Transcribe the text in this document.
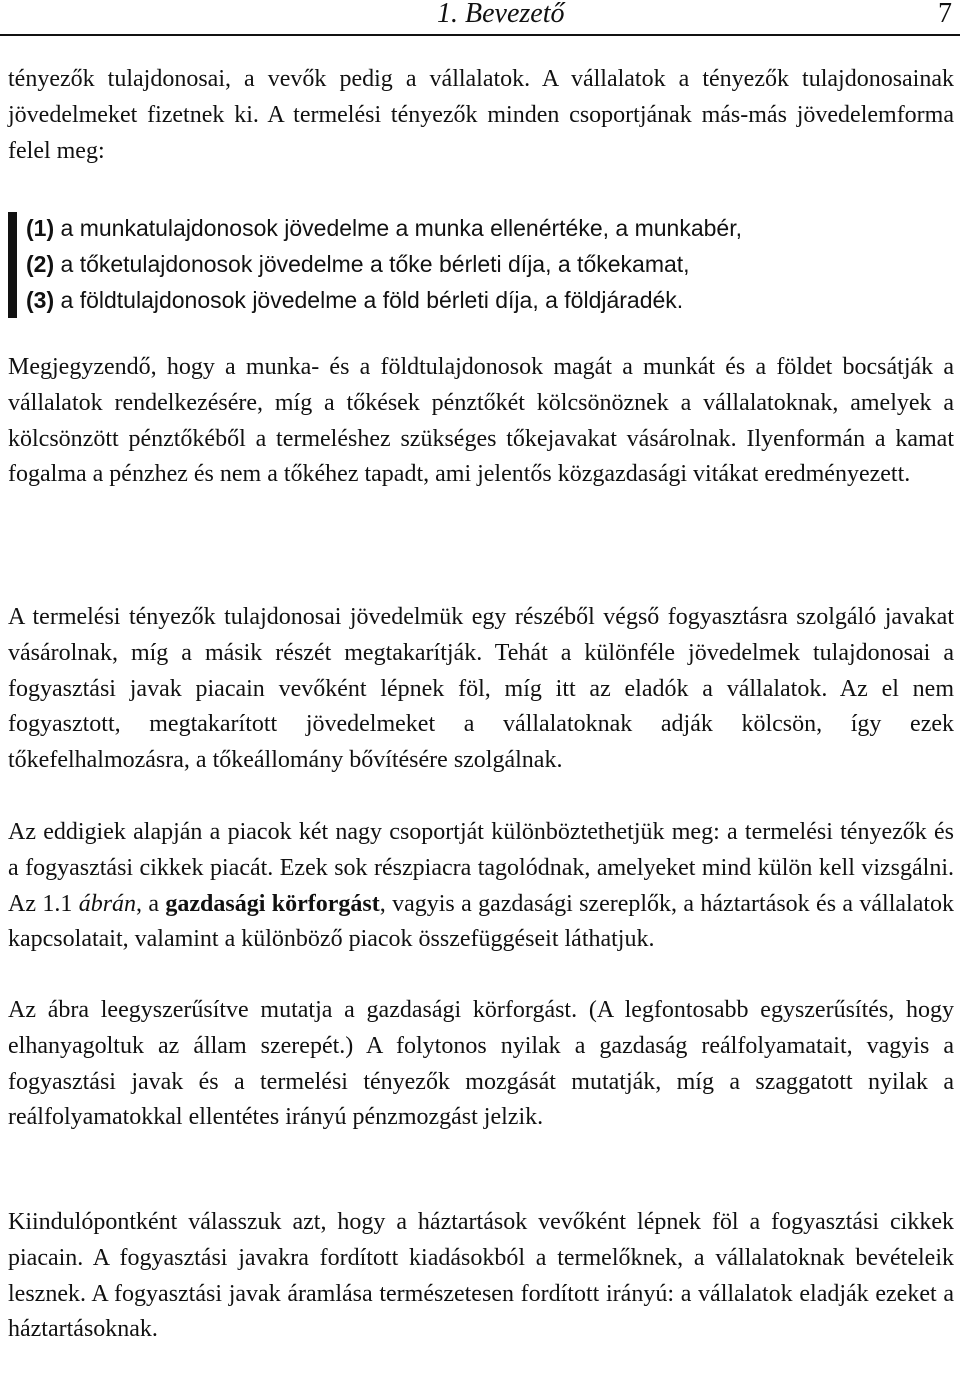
1. Bevezető	7

tényezők tulajdonosai, a vevők pedig a vállalatok. A vállalatok a tényezők tulajdonosainak jövedelmeket fizetnek ki. A termelési tényezők minden csoportjának más-más jövedelemforma felel meg:

(1) a munkatulajdonosok jövedelme a munka ellenértéke, a munkabér,
(2) a tőketulajdonosok jövedelme a tőke bérleti díja, a tőkekamat,
(3) a földtulajdonosok jövedelme a föld bérleti díja, a földjáradék.

Megjegyzendő, hogy a munka- és a földtulajdonosok magát a munkát és a földet bocsátják a vállalatok rendelkezésére, míg a tőkések pénztőkét kölcsönöznek a vállalatoknak, amelyek a kölcsönzött pénztőkéből a termeléshez szükséges tőkejavakat vásárolnak. Ilyenformán a kamat fogalma a pénzhez és nem a tőkéhez tapadt, ami jelentős közgazdasági vitákat eredményezett.

A termelési tényezők tulajdonosai jövedelmük egy részéből végső fogyasztásra szolgáló javakat vásárolnak, míg a másik részét megtakarítják. Tehát a különféle jövedelmek tulajdonosai a fogyasztási javak piacain vevőként lépnek föl, míg itt az eladók a vállalatok. Az el nem fogyasztott, megtakarított jövedelmeket a vállalatoknak adják kölcsön, így ezek tőkefelhalmozásra, a tőkeállomány bővítésére szolgálnak.

Az eddigiek alapján a piacok két nagy csoportját különböztethetjük meg: a termelési tényezők és a fogyasztási cikkek piacát. Ezek sok részpiacra tagolódnak, amelyeket mind külön kell vizsgálni. Az 1.1 ábrán, a gazdasági körforgást, vagyis a gazdasági szereplők, a háztartások és a vállalatok kapcsolatait, valamint a különböző piacok összefüggéseit láthatjuk.

Az ábra leegyszerűsítve mutatja a gazdasági körforgást. (A legfontosabb egyszerűsítés, hogy elhanyagoltuk az állam szerepét.) A folytonos nyilak a gazdaság reálfolyamatait, vagyis a fogyasztási javak és a termelési tényezők mozgását mutatják, míg a szaggatott nyilak a reálfolyamatokkal ellentétes irányú pénzmozgást jelzik.

Kiindulópontként válasszuk azt, hogy a háztartások vevőként lépnek föl a fogyasztási cikkek piacain. A fogyasztási javakra fordított kiadásokból a termelőknek, a vállalatoknak bevételeik lesznek. A fogyasztási javak áramlása természetesen fordított irányú: a vállalatok eladják ezeket a háztartásoknak.
